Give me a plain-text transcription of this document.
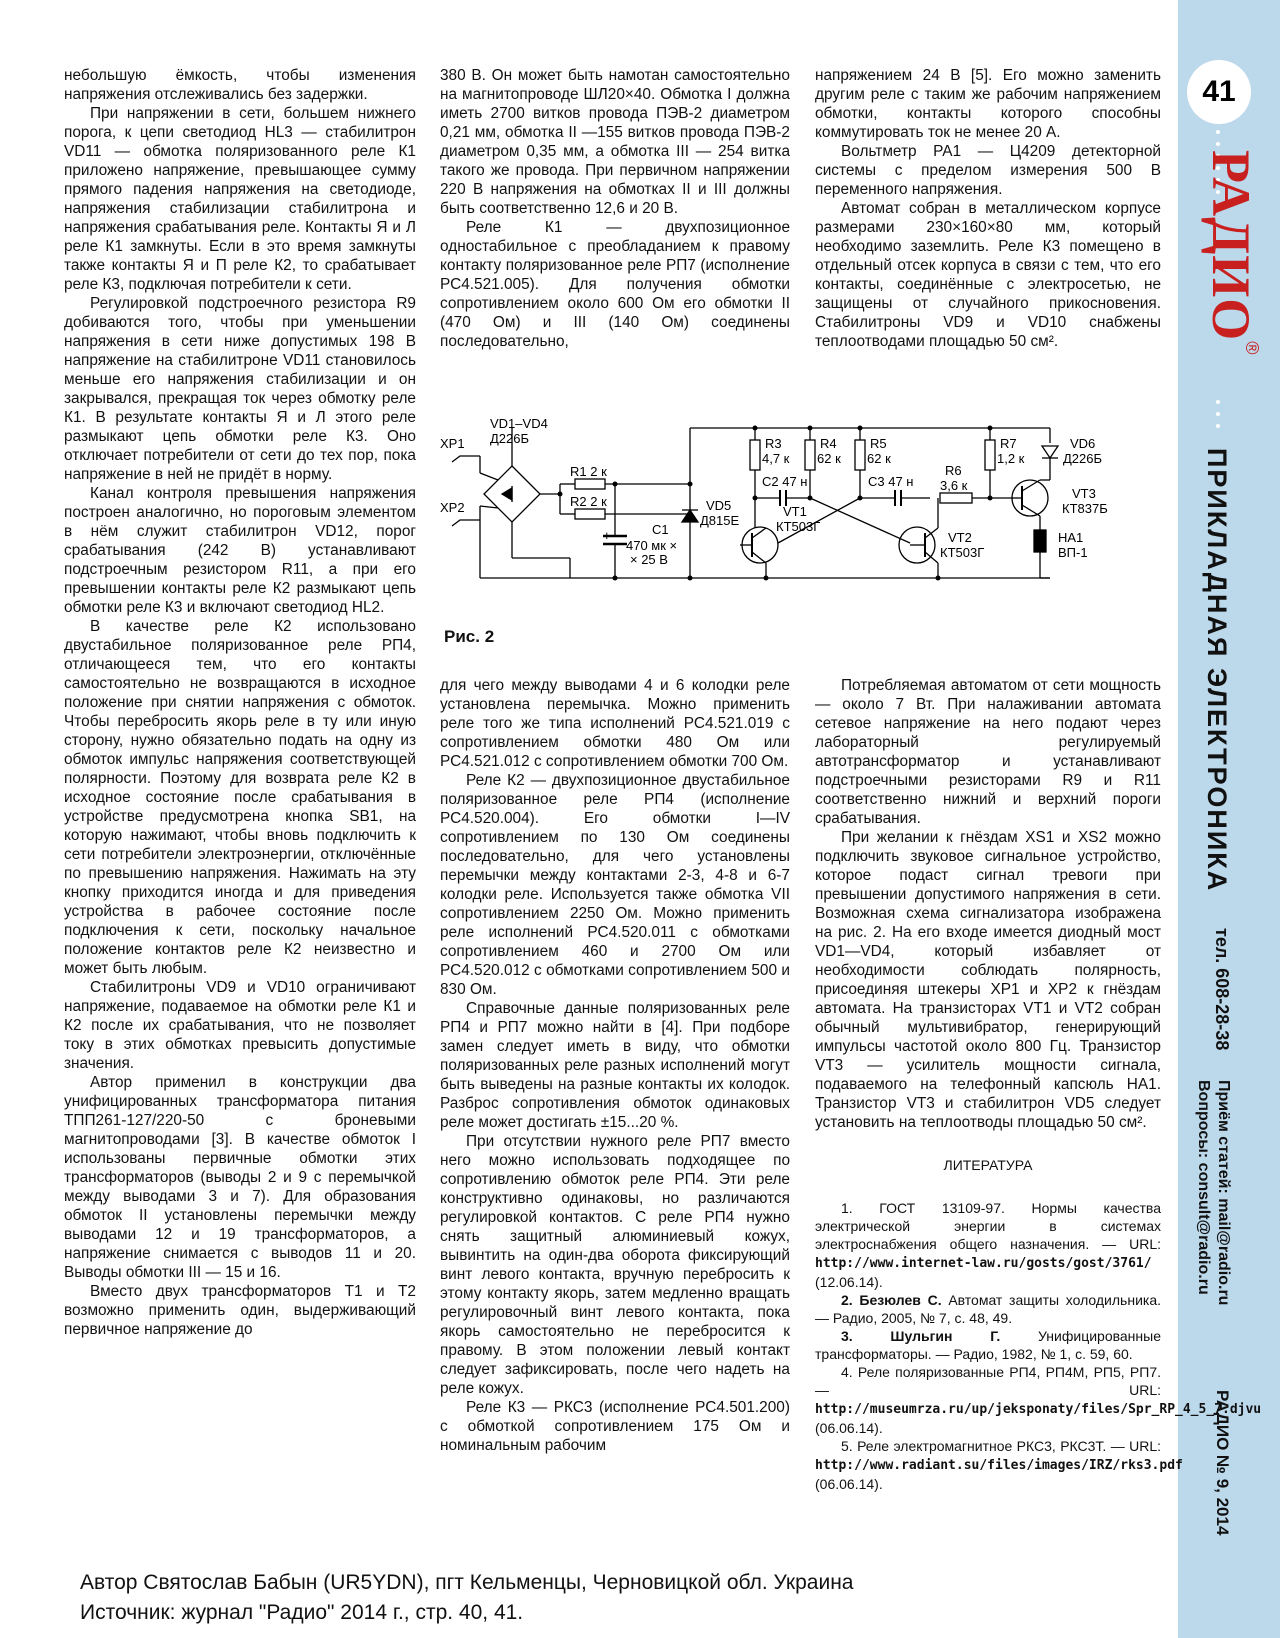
41
РАДИО®
ПРИКЛАДНАЯ ЭЛЕКТРОНИКА
тел. 608-28-38
Приём статей: mail@radio.ru
Вопросы: consult@radio.ru
РАДИО № 9, 2014

небольшую ёмкость, чтобы изменения напряжения отслеживались без задержки.

При напряжении в сети, большем нижнего порога, к цепи светодиод HL3 — стабилитрон VD11 — обмотка поляризованного реле К1 приложено напряжение, превышающее сумму прямого падения напряжения на светодиоде, напряжения стабилизации стабилитрона и напряжения срабатывания реле. Контакты Я и Л реле К1 замкнуты. Если в это время замкнуты также контакты Я и П реле К2, то срабатывает реле К3, подключая потребители к сети.

Регулировкой подстроечного резистора R9 добиваются того, чтобы при уменьшении напряжения в сети ниже допустимых 198 В напряжение на стабилитроне VD11 становилось меньше его напряжения стабилизации и он закрывался, прекращая ток через обмотку реле К1. В результате контакты Я и Л этого реле размыкают цепь обмотки реле К3. Оно отключает потребители от сети до тех пор, пока напряжение в ней не придёт в норму.

Канал контроля превышения напряжения построен аналогично, но пороговым элементом в нём служит стабилитрон VD12, порог срабатывания (242 В) устанавливают подстроечным резистором R11, а при его превышении контакты реле К2 размыкают цепь обмотки реле К3 и включают светодиод HL2.

В качестве реле К2 использовано двустабильное поляризованное реле РП4, отличающееся тем, что его контакты самостоятельно не возвращаются в исходное положение при снятии напряжения с обмоток. Чтобы перебросить якорь реле в ту или иную сторону, нужно обязательно подать на одну из обмоток импульс напряжения соответствующей полярности. Поэтому для возврата реле К2 в исходное состояние после срабатывания в устройстве предусмотрена кнопка SB1, на которую нажимают, чтобы вновь подключить к сети потребители электроэнергии, отключённые по превышению напряжения. Нажимать на эту кнопку приходится иногда и для приведения устройства в рабочее состояние после подключения к сети, поскольку начальное положение контактов реле К2 неизвестно и может быть любым.

Стабилитроны VD9 и VD10 ограничивают напряжение, подаваемое на обмотки реле К1 и К2 после их срабатывания, что не позволяет току в этих обмотках превысить допустимые значения.

Автор применил в конструкции два унифицированных трансформатора питания ТПП261-127/220-50 с броневыми магнитопроводами [3]. В качестве обмоток I использованы первичные обмотки этих трансформаторов (выводы 2 и 9 с перемычкой между выводами 3 и 7). Для образования обмоток II установлены перемычки между выводами 12 и 19 трансформаторов, а напряжение снимается с выводов 11 и 20. Выводы обмотки III — 15 и 16.

Вместо двух трансформаторов Т1 и Т2 возможно применить один, выдерживающий первичное напряжение до

380 В. Он может быть намотан самостоятельно на магнитопроводе ШЛ20×40. Обмотка I должна иметь 2700 витков провода ПЭВ-2 диаметром 0,21 мм, обмотка II —155 витков провода ПЭВ-2 диаметром 0,35 мм, а обмотка III — 254 витка такого же провода. При первичном напряжении 220 В напряжения на обмотках II и III должны быть соответственно 12,6 и 20 В.

Реле К1 — двухпозиционное одностабильное с преобладанием к правому контакту поляризованное реле РП7 (исполнение РС4.521.005). Для получения обмотки сопротивлением около 600 Ом его обмотки II (470 Ом) и III (140 Ом) соединены последовательно,

напряжением 24 В [5]. Его можно заменить другим реле с таким же рабочим напряжением обмотки, контакты которого способны коммутировать ток не менее 20 А.

Вольтметр PA1 — Ц4209 детекторной системы с пределом измерения 500 В переменного напряжения.

Автомат собран в металлическом корпусе размерами 230×160×80 мм, который необходимо заземлить. Реле К3 помещено в отдельный отсек корпуса в связи с тем, что его контакты, соединённые с электросетью, не защищены от случайного прикосновения. Стабилитроны VD9 и VD10 снабжены теплоотводами площадью 50 см².

для чего между выводами 4 и 6 колодки реле установлена перемычка. Можно применить реле того же типа исполнений РС4.521.019 с сопротивлением обмотки 480 Ом или РС4.521.012 с сопротивлением обмотки 700 Ом.

Реле К2 — двухпозиционное двустабильное поляризованное реле РП4 (исполнение РС4.520.004). Его обмотки I—IV сопротивлением по 130 Ом соединены последовательно, для чего установлены перемычки между контактами 2-3, 4-8 и 6-7 колодки реле. Используется также обмотка VII сопротивлением 2250 Ом. Можно применить реле исполнений РС4.520.011 с обмотками сопротивлением 460 и 2700 Ом или РС4.520.012 с обмотками сопротивлением 500 и 830 Ом.

Справочные данные поляризованных реле РП4 и РП7 можно найти в [4]. При подборе замен следует иметь в виду, что обмотки поляризованных реле разных исполнений могут быть выведены на разные контакты их колодок. Разброс сопротивления обмоток одинаковых реле может достигать ±15...20 %.

При отсутствии нужного реле РП7 вместо него можно использовать подходящее по сопротивлению обмоток реле РП4. Эти реле конструктивно одинаковы, но различаются регулировкой контактов. С реле РП4 нужно снять защитный алюминиевый кожух, вывинтить на один-два оборота фиксирующий винт левого контакта, вручную перебросить к этому контакту якорь, затем медленно вращать регулировочный винт левого контакта, пока якорь самостоятельно не перебросится к правому. В этом положении левый контакт следует зафиксировать, после чего надеть на реле кожух.

Реле К3 — РКС3 (исполнение РС4.501.200) с обмоткой сопротивлением 175 Ом и номинальным рабочим

Потребляемая автоматом от сети мощность — около 7 Вт. При налаживании автомата сетевое напряжение на него подают через лабораторный регулируемый автотрансформатор и устанавливают подстроечными резисторами R9 и R11 соответственно нижний и верхний пороги срабатывания.

При желании к гнёздам XS1 и XS2 можно подключить звуковое сигнальное устройство, которое подаст сигнал тревоги при превышении допустимого напряжения в сети. Возможная схема сигнализатора изображена на рис. 2. На его входе имеется диодный мост VD1—VD4, который избавляет от необходимости соблюдать полярность, присоединяя штекеры XP1 и XP2 к гнёздам автомата. На транзисторах VT1 и VT2 собран обычный мультивибратор, генерирующий импульсы частотой около 800 Гц. Транзистор VT3 — усилитель мощности сигнала, подаваемого на телефонный капсюль HA1. Транзистор VT3 и стабилитрон VD5 следует установить на теплоотводы площадью 50 см².

ЛИТЕРАТУРА

1. ГОСТ 13109-97. Нормы качества электрической энергии в системах электроснабжения общего назначения. — URL: http://www.internet-law.ru/gosts/gost/3761/ (12.06.14).

2. Безюлев С. Автомат защиты холодильника. — Радио, 2005, № 7, с. 48, 49.

3. Шульгин Г. Унифицированные трансформаторы. — Радио, 1982, № 1, с. 59, 60.

4. Реле поляризованные РП4, РП4М, РП5, РП7. — URL: http://museumrza.ru/up/jeksponaty/files/Spr_RP_4_5_7.djvu (06.06.14).

5. Реле электромагнитное РКС3, РКС3Т. — URL: http://www.radiant.su/files/images/IRZ/rks3.pdf (06.06.14).

XP1
XP2
VD1–VD4
Д226Б
R1 2 к
R2 2 к
+	C1
470 мк ×
× 25 В
VD5
Д815Е
R3
4,7 к
R4
62 к
R5
62 к
C2 47 н	C3 47 н
R6
3,6 к
R7
1,2 к
VD6
Д226Б
VT1
КТ503Г
VT2
КТ503Г
VT3
КТ837Б
HA1
ВП-1
Рис. 2
Автор Святослав Бабын (UR5YDN), пгт Кельменцы, Черновицкой обл. Украина
Источник: журнал "Радио" 2014 г., стр. 40, 41.
